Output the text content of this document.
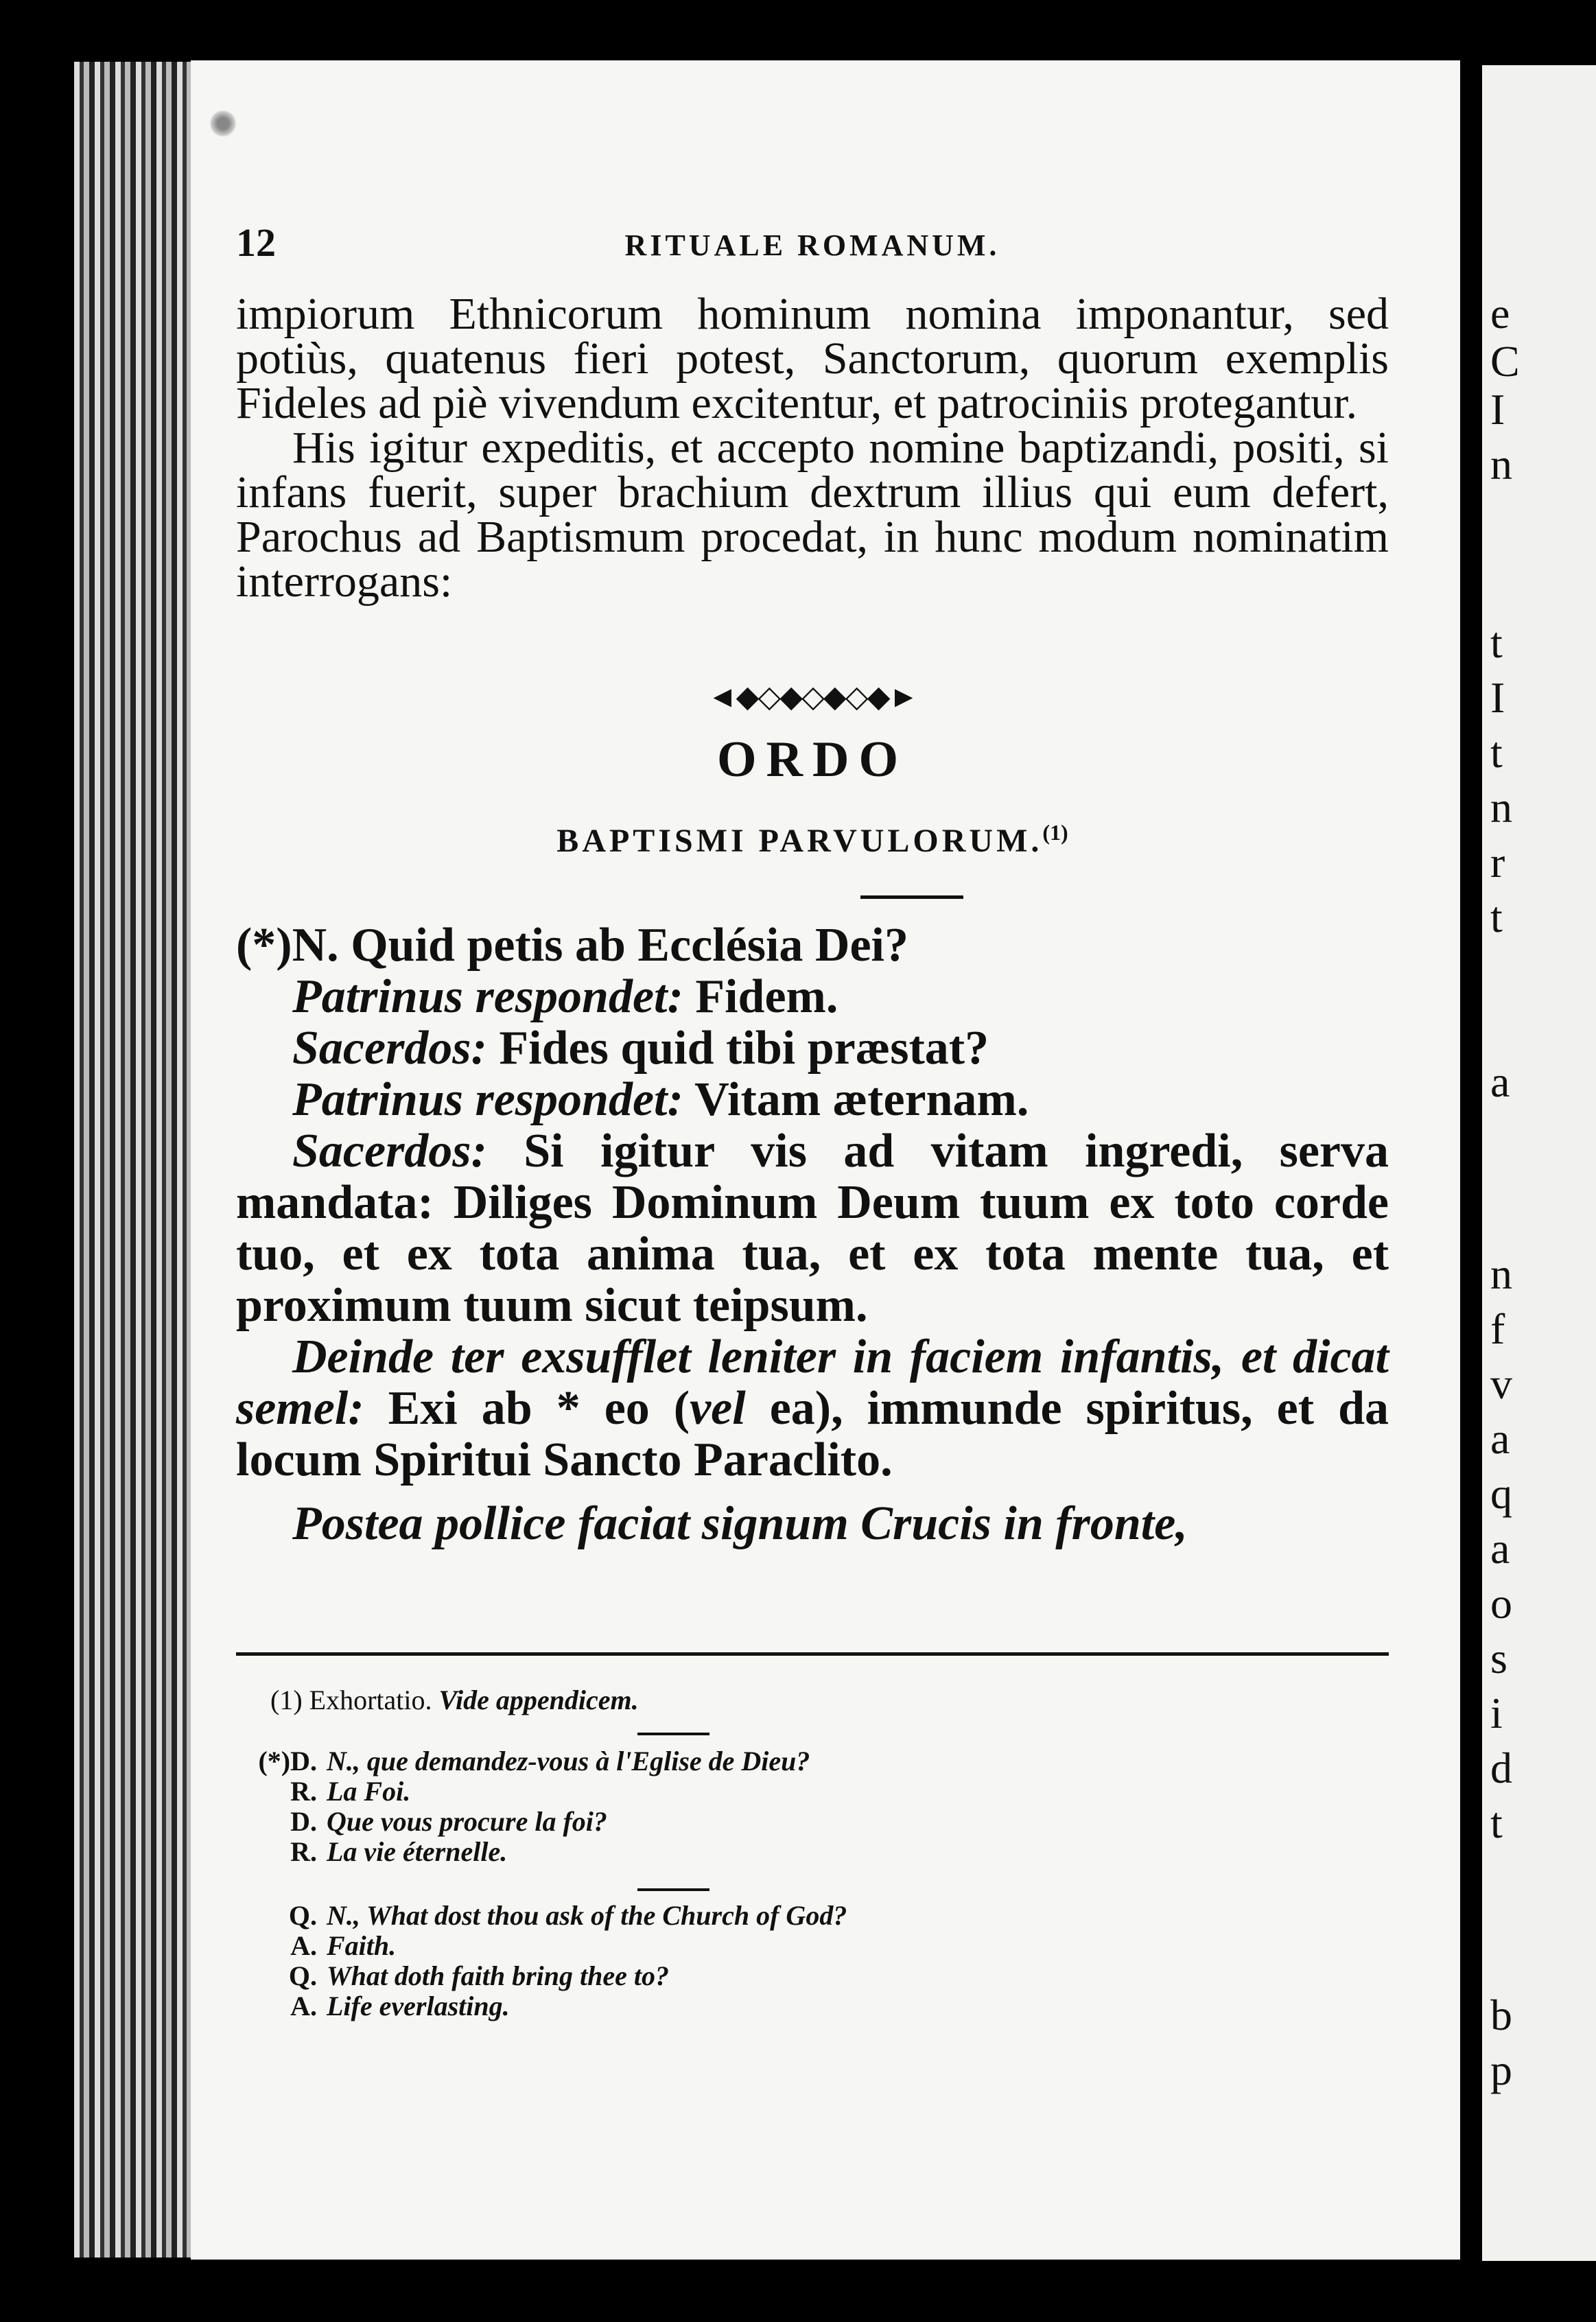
e
C
I
n
t
I
t
n
r
t
a
n
f
v
a
q
a
o
s
i
d
t
b
p
12	RITUALE ROMANUM.

impiorum Ethnicorum hominum nomina imponantur, sed potiùs, quatenus fieri potest, Sanctorum, quorum exemplis Fideles ad piè vivendum excitentur, et patrociniis protegantur.

His igitur expeditis, et accepto nomine baptizandi, positi, si infans fuerit, super brachium dextrum illius qui eum defert, Parochus ad Baptismum procedat, in hunc modum nominatim interrogans:

◄◆◇◆◇◆◇◆►
ORDO
BAPTISMI PARVULORUM.$^{(1)}$

(*)N. Quid petis ab Ecclésia Dei?

Patrinus respondet: Fidem.

Sacerdos: Fides quid tibi præstat?

Patrinus respondet: Vitam æternam.

Sacerdos: Si igitur vis ad vitam ingredi, serva mandata: Diliges Dominum Deum tuum ex toto corde tuo, et ex tota anima tua, et ex tota mente tua, et proximum tuum sicut teipsum.

Deinde ter exsufflet leniter in faciem infantis, et dicat semel: Exi ab * eo (vel ea), immunde spiritus, et da locum Spiritui Sancto Paraclito.

Postea pollice faciat signum Crucis in fronte,

(1) Exhortatio. Vide appendicem.
(*)D. N., que demandez-vous à l'Eglise de Dieu?
R. La Foi.
D. Que vous procure la foi?
R. La vie éternelle.
Q. N., What dost thou ask of the Church of God?
A. Faith.
Q. What doth faith bring thee to?
A. Life everlasting.
